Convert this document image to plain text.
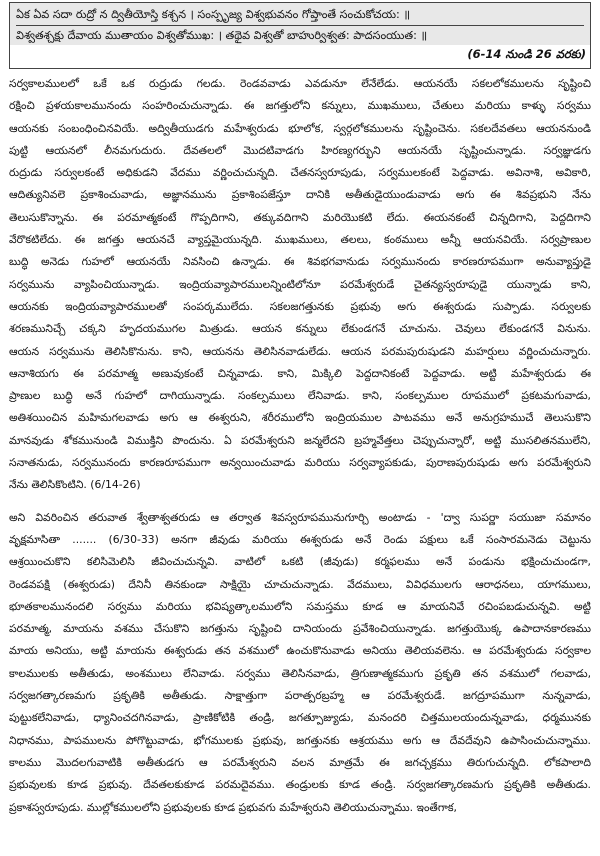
ఏక ఏవ సదా రుద్రో న ద్వితీయోస్తి కశ్చన । సంస్పృజ్య విశ్వభువనం గోప్తాంతే సంచుకోచయ: ॥
విశ్వతశ్చక్షు దేవాయ ముతాయం విశ్వతోముఖ: । తథైవ విశ్వతో బాహుర్విశ్వత: పాదసంయుత: ॥
(6-14 నుండి 26 వరకు)
సర్వకాలములలో ఒకే ఒక రుద్రుడు గలడు. రెండవవాడు ఎవడునూ లేనేలేడు. ఆయనయే సకలలోకములను సృష్టించి
రక్షించి ప్రళయకాలమునందు సంహరించుచున్నాడు. ఈ జగత్తులోని కన్నులు, ముఖములు, చేతులు మరియు కాళ్ళు సర్వము
ఆయనకు సంబంధించినవియే. అద్వితీయుడగు మహేశ్వరుడు భూలోక, స్వర్గలోకములను సృష్టించెను. సకలదేవతలు ఆయననుండి
పుట్టి ఆయనలో లీనమగుదురు. దేవతలలో మొదటివాడగు హిరణ్యగర్భుని ఆయనయే సృష్టించున్నాడు. సర్వజ్ఞుడగు
రుద్రుడు సర్వులకంటే అధికుడని వేదము వర్ణించుచున్నది. చేతనస్వరూపుడు, సర్వములకంటే పెద్దవాడు. అవినాశి, అవికారి,
ఆదిత్యునివలె ప్రకాశించువాడు, అజ్ఞానమును ప్రకాశింపజేస్తూ దానికి అతీతుడైయుండువాడు అగు ఈ శివప్రభుని నేను
తెలుసుకొన్నాను. ఈ పరమాత్మకంటే గొప్పదిగాని, తక్కువదిగాని మరియొకటి లేదు. ఈయనకంటే చిన్నదిగాని, పెద్దదిగాని
వేరొకటిలేదు. ఈ జగత్తు ఆయనచే వ్యాప్తమైయున్నది. ముఖములు, తలలు, కంఠములు అన్నీ ఆయనవియే. సర్వప్రాణుల
బుద్ధి అనెడు గుహలో ఆయనయే నివసించి ఉన్నాడు. ఈ శివభగవానుడు సర్వమునందు కారణరూపముగా అనువ్యాప్తుడై
సర్వమును వ్యాపించియున్నాడు. ఇంద్రియవ్యాపారములన్నింటిలోనూ పరమేశ్వరుడే చైతన్యస్వరూపుడై యున్నాడు కాని,
ఆయనకు ఇంద్రియవ్యాపారములతో సంపర్కములేదు. సకలజగత్తునకు ప్రభువు అగు ఈశ్వరుడు సుప్పాడు. సర్వులకు
శరణమునిచ్చే చక్కని హృదయముగల మిత్రుడు. ఆయన కన్నులు లేకుండగనే చూచును. చెవులు లేకుండగనే వినును.
ఆయన సర్వమును తెలిసికొనును. కాని, ఆయనను తెలిసినవాడులేడు. ఆయన పరమపురుషుడని మహర్షులు వర్ణించుచున్నారు.
ఆనాశియగు ఈ పరమాత్మ అణువుకంటే చిన్నవాడు. కాని, మిక్కిలి పెద్దదానికంటే పెద్దవాడు. అట్టి మహేశ్వరుడు ఈ
ప్రాణుల బుద్ధి అనే గుహలో దాగియున్నాడు. సంకల్పములు లేనివాడు. కాని, సంకల్పముల రూపములో ప్రకటమగువాడు,
అతిశయించిన మహిమగలవాడు అగు ఆ ఈశ్వరుని, శరీరములోని ఇంద్రియముల పాటవము అనే అనుగ్రహముచే తెలుసుకొని
మానవుడు శోకమునుండి విముక్తిని పొందును. ఏ పరమేశ్వరుని జన్మలేదని బ్రహ్మవేత్తలు చెప్పుచున్నారో, అట్టి ముసలితనములేని,
సనాతనుడు, సర్వమునందు కారణరూపముగా అన్వయించువాడు మరియు సర్వవ్యాపకుడు, పురాణపురుషుడు అగు పరమేశ్వరుని
నేను తెలిసికొంటిని. (6/14-26)
అని వివరించిన తరువాత శ్వేతాశ్వతరుడు ఆ తర్వాత శివస్వరూపమునుగూర్చి అంటాడు - 'ద్వా సుపర్ణా సయుజా సమానం
వృక్షమాసితా ....... (6/30-33) అనగా జీవుడు మరియు ఈశ్వరుడు అనే రెండు పక్షులు ఒకే సంసారమనెడు చెట్టును
ఆశ్రయించుకొని కలిసిమెలిసి జీవించుచున్నవి. వాటిలో ఒకటి (జీవుడు) కర్మఫలము అనే పండును భక్షించుచుండగా,
రెండవపక్షి (ఈశ్వరుడు) దేనినీ తినకుండా సాక్షియై చూచుచున్నాడు. వేదములు, వివిధములగు ఆరాధనలు, యాగములు,
భూతకాలమునందలి సర్వము మరియు భవిష్యత్కాలములోని సమస్తము కూడ ఆ మాయనివే రచింపబడుచున్నవి. అట్టి
పరమాత్మ, మాయను వశము చేసుకొని జగత్తును సృష్టించి దానియందు ప్రవేశించియున్నాడు. జగత్తుయొక్క ఉపాదానకారణము
మాయ అనియు, అట్టి మాయను ఈశ్వరుడు తన వశములో ఉంచుకొనువాడు అనియు తెలియవలెను. ఆ పరమేశ్వరుడు సర్వకాల
కాలములకు అతీతుడు, అంశములు లేనివాడు. సర్వము తెలిసినవాడు, త్రిగుణాత్మకముగు ప్రకృతి తన వశములో గలవాడు,
సర్వజగత్కారణమగు ప్రకృతికి అతీతుడు. సాక్షాత్తుగా పరాత్పరబ్రహ్మ ఆ పరమేశ్వరుడే. జగద్రూపముగా నున్నవాడు,
పుట్టుకలేనివాడు, ధ్యానించదగినవాడు, ప్రాణికోటికి తండ్రి, జగత్పూజ్యుడు, మనందరి చిత్తములయందున్నవాడు, ధర్మమునకు
నిధానము, పాపములను పోగొట్టువాడు, భోగములకు ప్రభువు, జగత్తునకు ఆశ్రయము అగు ఆ దేవదేవుని ఉపాసించుచున్నాము.
కాలము మొదలగువాటికి అతీతుడగు ఆ పరమేశ్వరుని వలన మాత్రమే ఈ జగచ్చక్రము తిరుగుచున్నది. లోకపాలాది
ప్రభువులకు కూడ ప్రభువు. దేవతలకుకూడ పరమదైవము. తండ్రులకు కూడ తండ్రి. సర్వజగత్కారణమగు ప్రకృతికి అతీతుడు.
ప్రకాశస్వరూపుడు. ముల్లోకములలోని ప్రభువులకు కూడ ప్రభువగు మహేశ్వరుని తెలియుచున్నాము. ఇంతేగాక,
